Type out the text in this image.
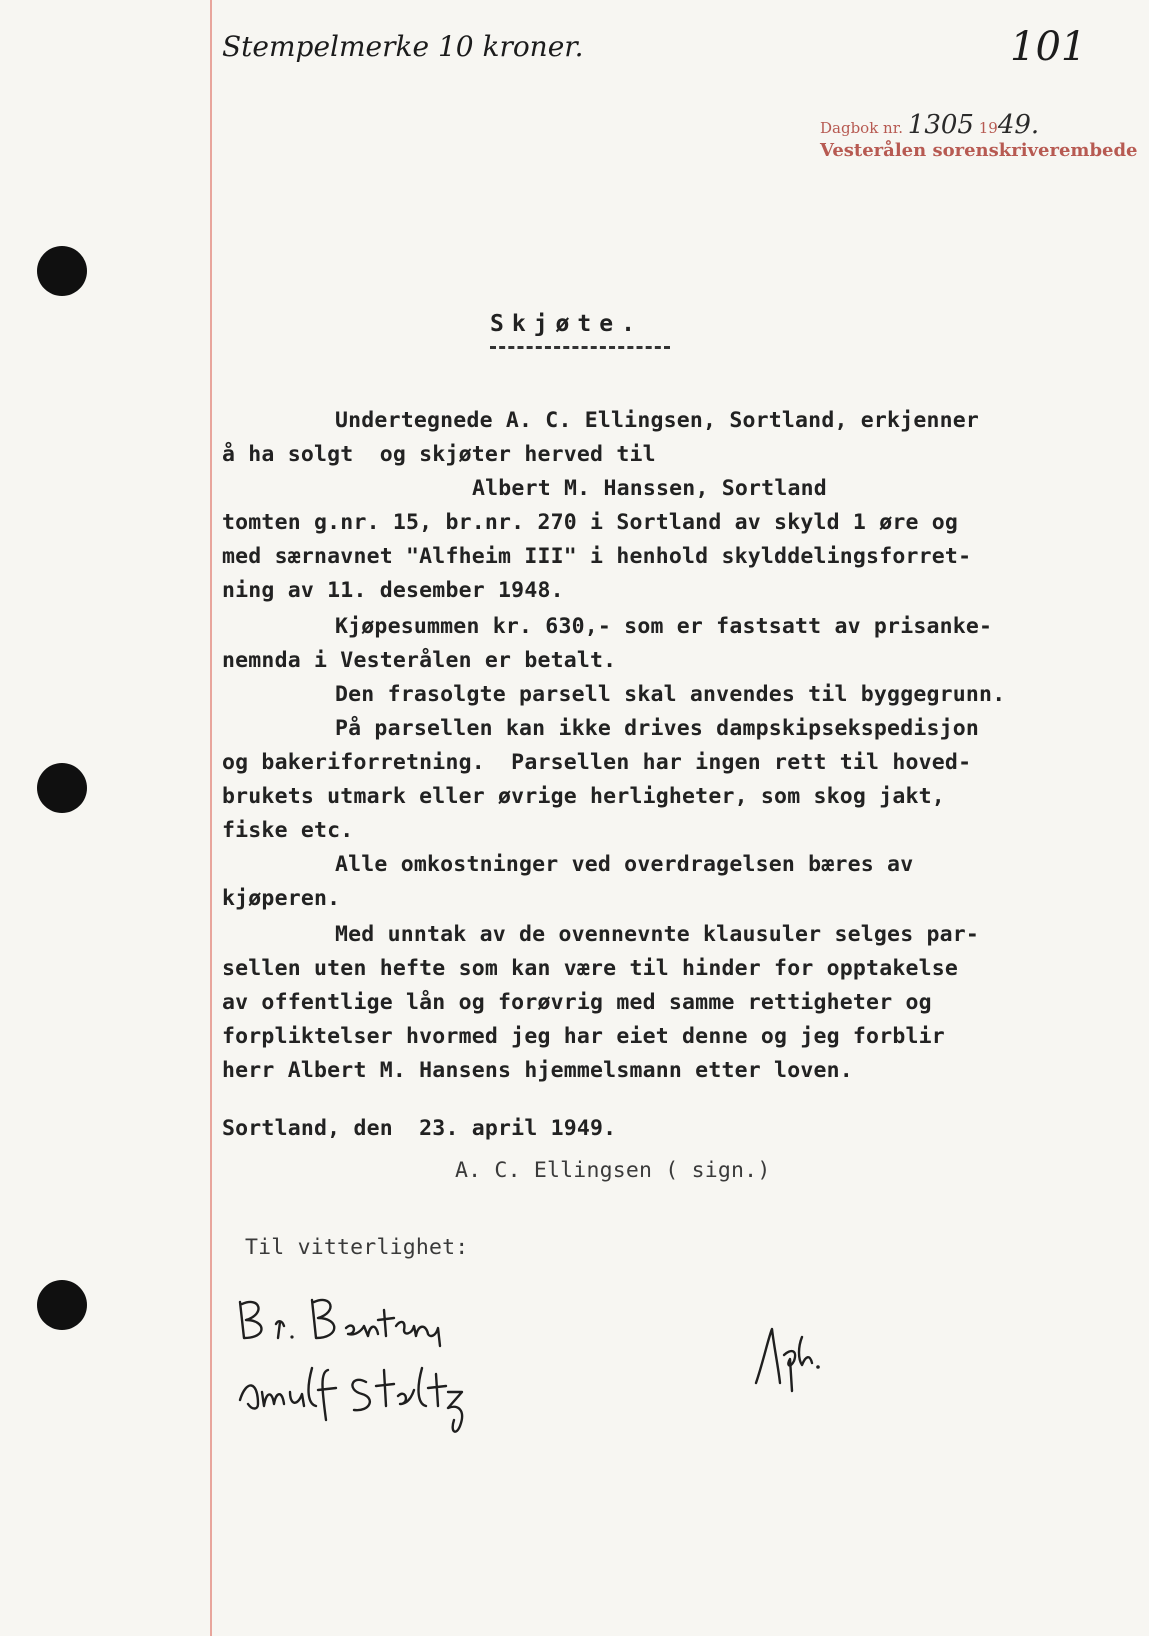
Stempelmerke 10 kroner.	101
Dagbok nr. 1305 1949.
Vesterålen sorenskriverembede
Skjøte.
Undertegnede A. C. Ellingsen, Sortland, erkjenner
å ha solgt  og skjøter herved til
Albert M. Hanssen, Sortland
tomten g.nr. 15, br.nr. 270 i Sortland av skyld 1 øre og
med særnavnet "Alfheim III" i henhold skylddelingsforret-
ning av 11. desember 1948.
Kjøpesummen kr. 630,- som er fastsatt av prisanke-
nemnda i Vesterålen er betalt.
Den frasolgte parsell skal anvendes til byggegrunn.
På parsellen kan ikke drives dampskipsekspedisjon
og bakeriforretning.  Parsellen har ingen rett til hoved-
brukets utmark eller øvrige herligheter, som skog jakt,
fiske etc.
Alle omkostninger ved overdragelsen bæres av
kjøperen.
Med unntak av de ovennevnte klausuler selges par-
sellen uten hefte som kan være til hinder for opptakelse
av offentlige lån og forøvrig med samme rettigheter og
forpliktelser hvormed jeg har eiet denne og jeg forblir
herr Albert M. Hansens hjemmelsmann etter loven.
Sortland, den  23. april 1949.
A. C. Ellingsen ( sign.)
Til vitterlighet:
